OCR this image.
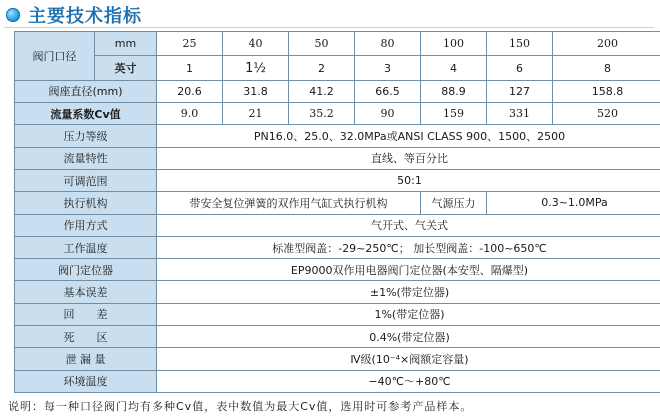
主要技术指标
阀门口径	mm	25	40	50	80	100	150	200
	英寸	1	1½	2	3	4	6	8
阀座直径(mm)		20.6	31.8	41.2	66.5	88.9	127	158.8
流量系数Cv值		9.0	21	35.2	90	159	331	520
压力等级		PN16.0、25.0、32.0MPa或ANSI CLASS 900、1500、2500						
流量特性		直线、等百分比						
可调范围		50:1						
执行机构		带安全复位弹簧的双作用气缸式执行机构				气源压力	0.3~1.0MPa	
作用方式		气开式、气关式						
工作温度		标准型阀盖：-29~250℃； 加长型阀盖：-100~650℃						
阀门定位器		EP9000双作用电器阀门定位器(本安型、隔爆型)						
基本误差		±1%(带定位器)						
回　　差		1%(带定位器)						
死　　区		0.4%(带定位器)						
泄 漏 量		Ⅳ级(10⁻⁴×阀额定容量)						
环境温度		−40℃～+80℃						
说明：每一种口径阀门均有多种Cv值，表中数值为最大Cv值，选用时可参考产品样本。
